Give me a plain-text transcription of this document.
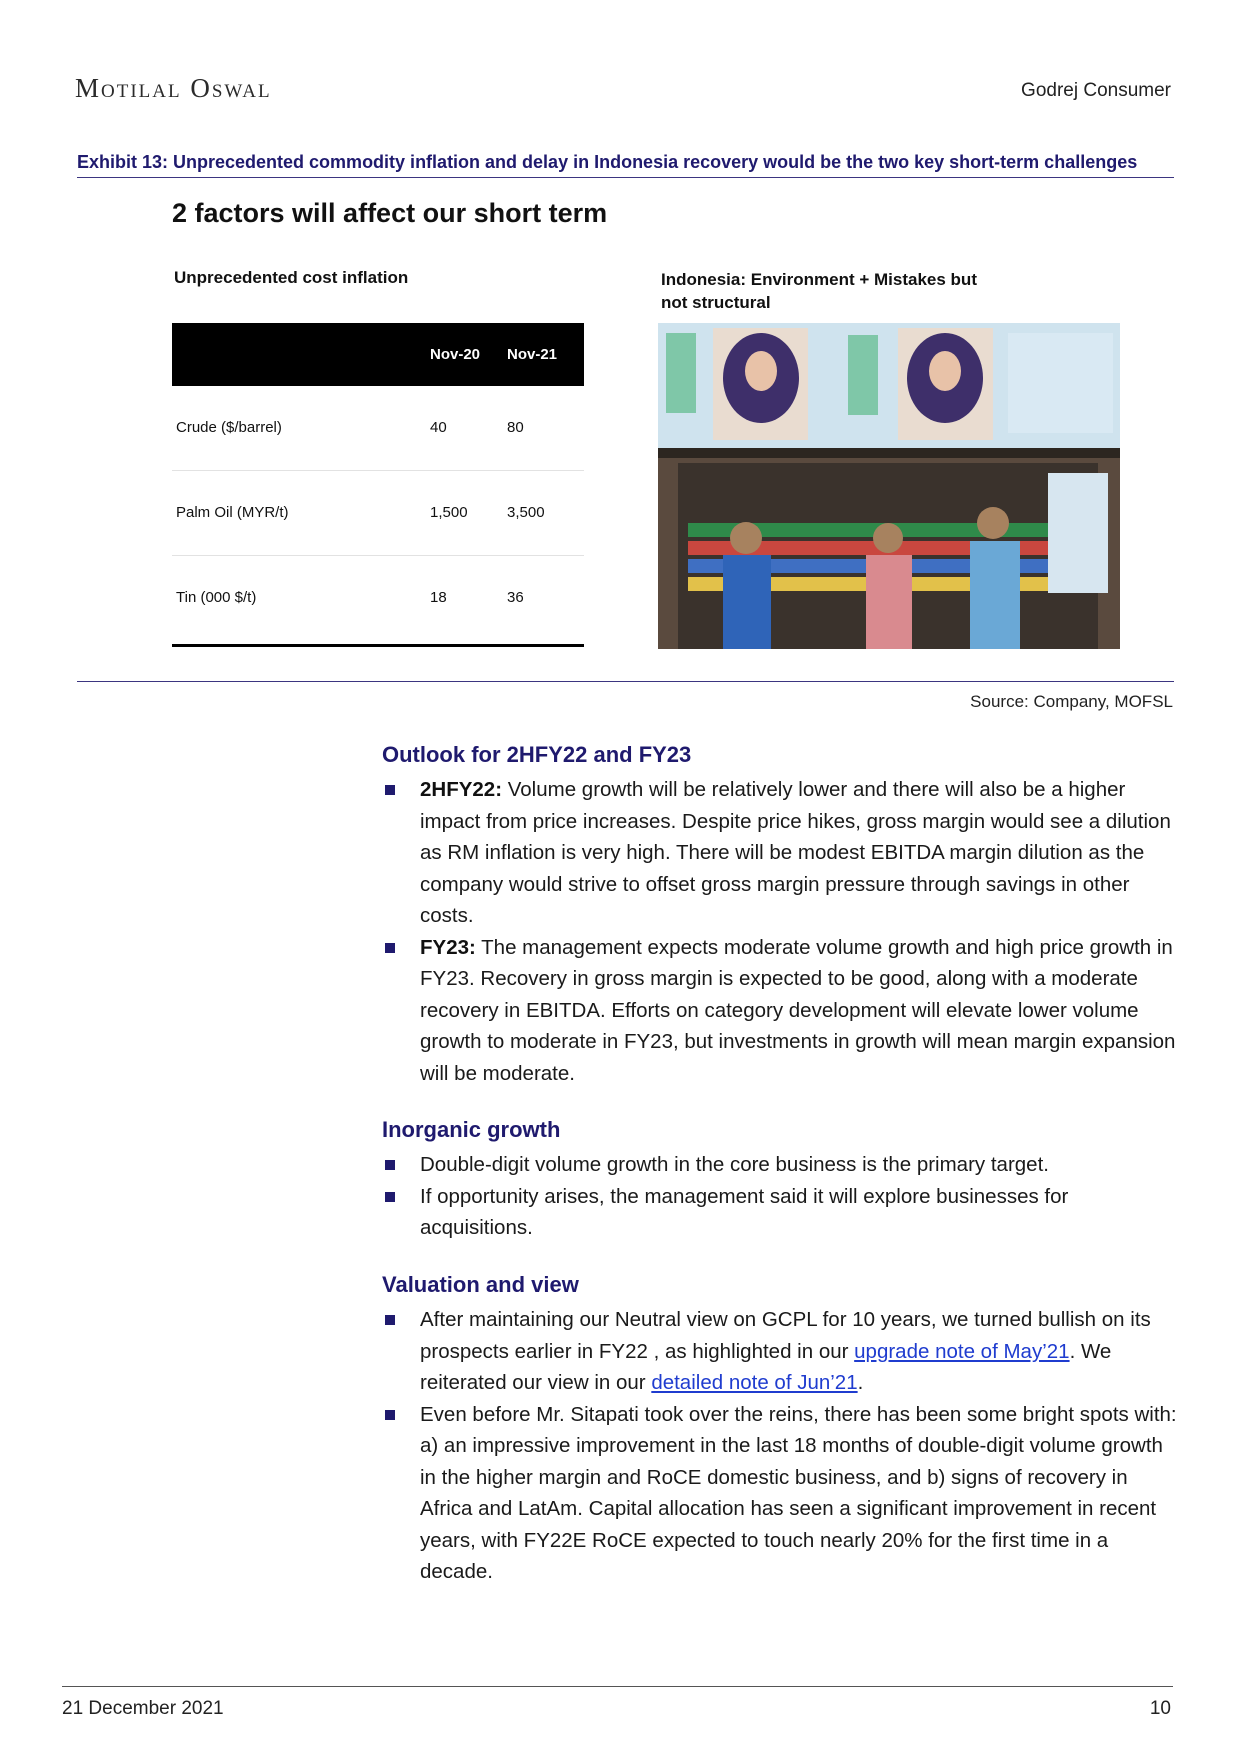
Motilal Oswal	Godrej Consumer
Exhibit 13: Unprecedented commodity inflation and delay in Indonesia recovery would be the two key short-term challenges
2 factors will affect our short term
Unprecedented cost inflation	Indonesia: Environment + Mistakes but not structural
Nov-20 Nov-21
Crude ($/barrel)	40	80
Palm Oil (MYR/t)	1,500	3,500
Tin (000 $/t)	18	36
Source: Company, MOFSL
Outlook for 2HFY22 and FY23
2HFY22: Volume growth will be relatively lower and there will also be a higher impact from price increases. Despite price hikes, gross margin would see a dilution as RM inflation is very high. There will be modest EBITDA margin dilution as the company would strive to offset gross margin pressure through savings in other costs.
FY23: The management expects moderate volume growth and high price growth in FY23. Recovery in gross margin is expected to be good, along with a moderate recovery in EBITDA. Efforts on category development will elevate lower volume growth to moderate in FY23, but investments in growth will mean margin expansion will be moderate.
Inorganic growth
Double-digit volume growth in the core business is the primary target.
If opportunity arises, the management said it will explore businesses for acquisitions.
Valuation and view
After maintaining our Neutral view on GCPL for 10 years, we turned bullish on its prospects earlier in FY22 , as highlighted in our upgrade note of May’21. We reiterated our view in our detailed note of Jun’21.
Even before Mr. Sitapati took over the reins, there has been some bright spots with: a) an impressive improvement in the last 18 months of double-digit volume growth in the higher margin and RoCE domestic business, and b) signs of recovery in Africa and LatAm. Capital allocation has seen a significant improvement in recent years, with FY22E RoCE expected to touch nearly 20% for the first time in a decade.
21 December 2021	10
